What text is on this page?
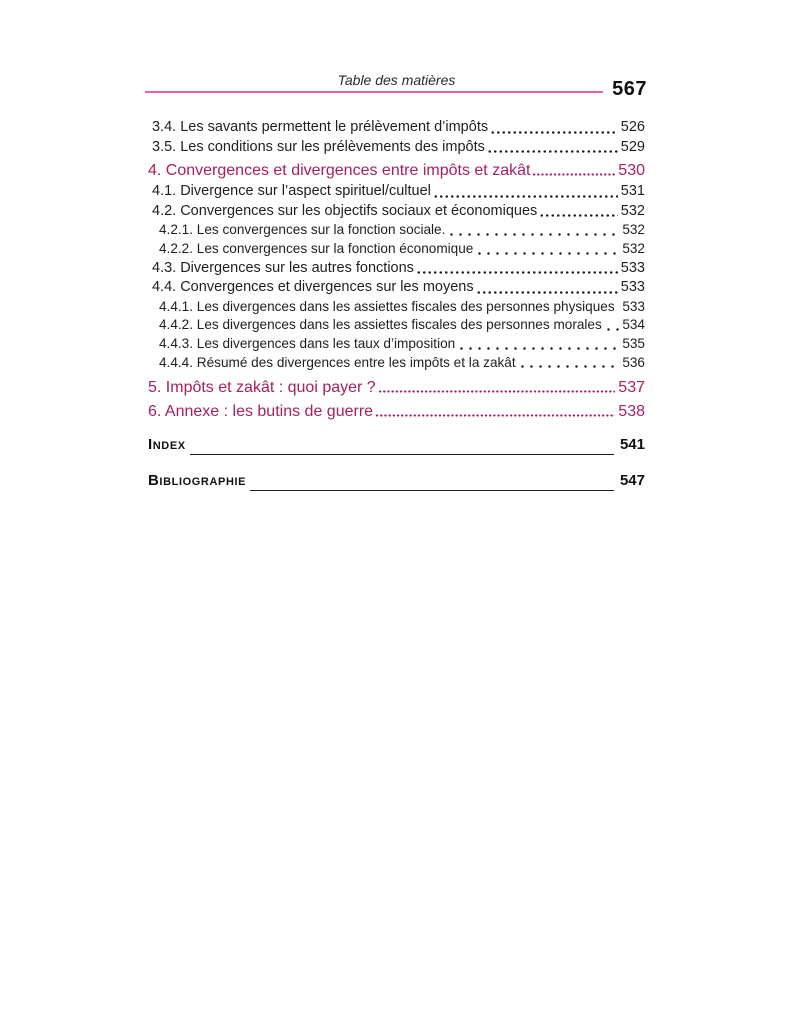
Table des matières	567
3.4. Les savants permettent le prélèvement d’impôts	526
3.5. Les conditions sur les prélèvements des impôts	529
4. Convergences et divergences entre impôts et zakât	530
4.1. Divergence sur l’aspect spirituel/cultuel	531
4.2. Convergences sur les objectifs sociaux et économiques	532
4.2.1. Les convergences sur la fonction sociale.	532
4.2.2. Les convergences sur la fonction économique	532
4.3. Divergences sur les autres fonctions	533
4.4. Convergences et divergences sur les moyens	533
4.4.1. Les divergences dans les assiettes fiscales des personnes physiques 533
4.4.2. Les divergences dans les assiettes fiscales des personnes morales 534
4.4.3. Les divergences dans les taux d’imposition	535
4.4.4. Résumé des divergences entre les impôts et la zakât	536
5. Impôts et zakât : quoi payer ?	537
6. Annexe : les butins de guerre	538
Index	541
Bibliographie	547
